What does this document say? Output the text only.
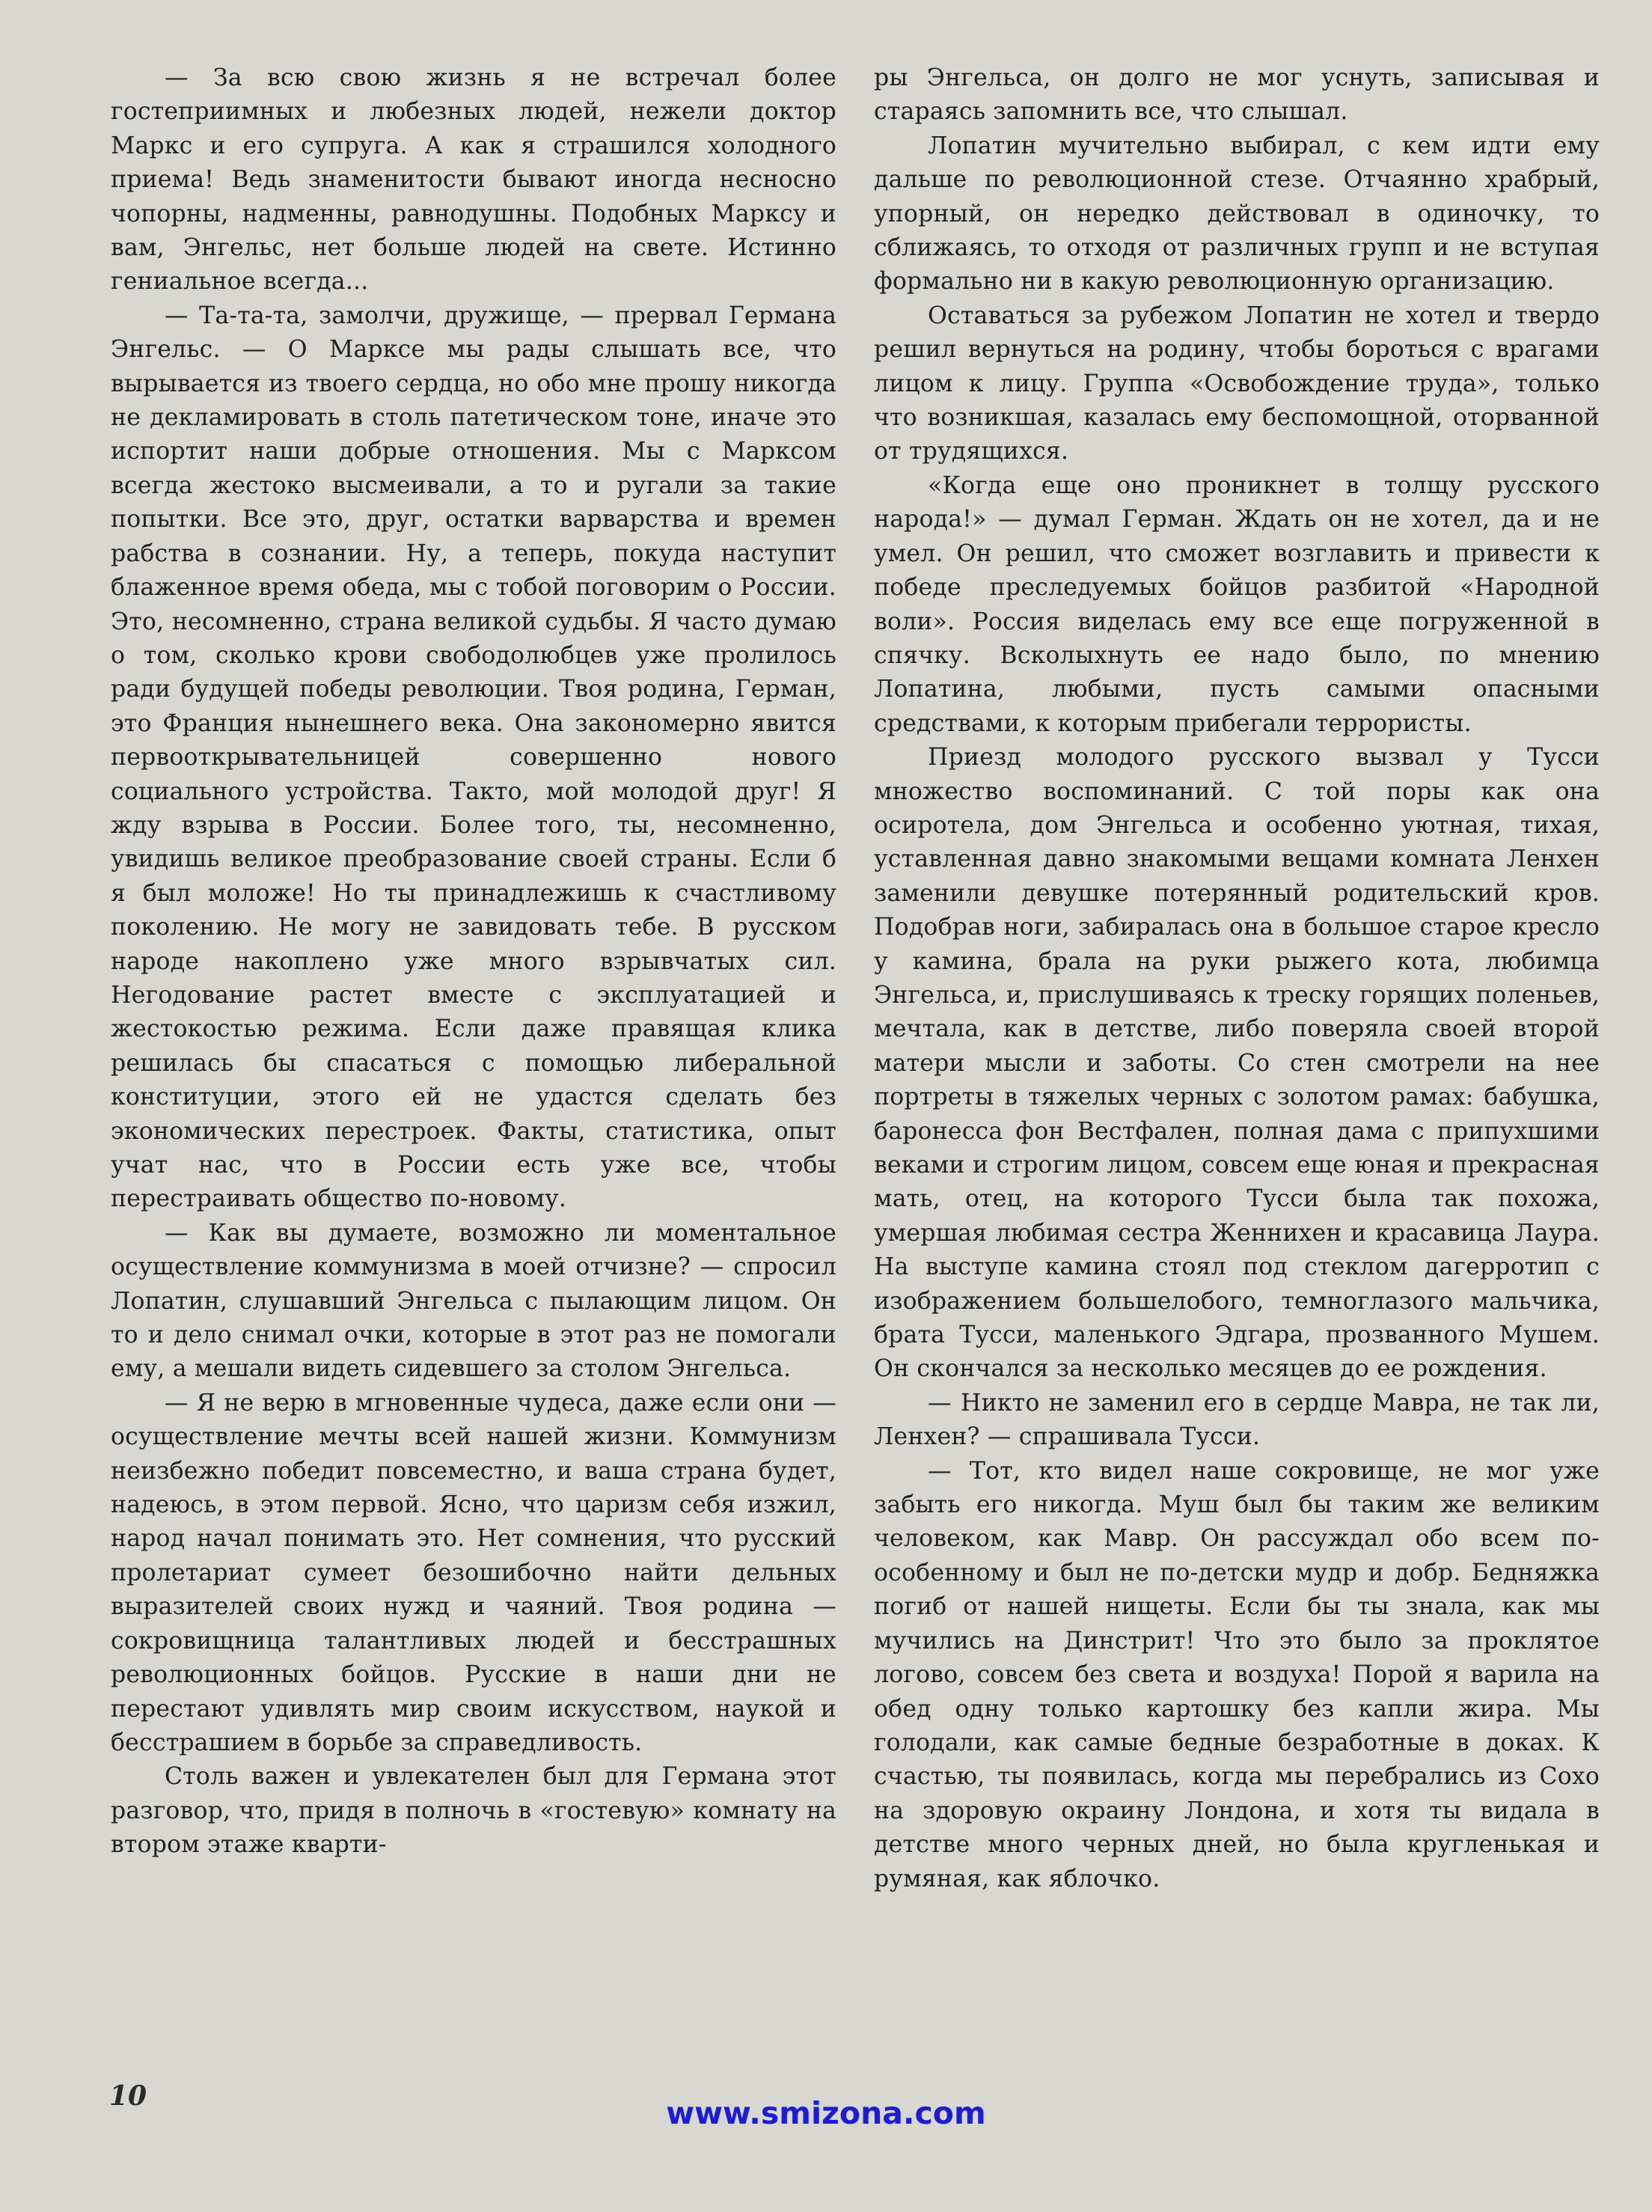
— За всю свою жизнь я не встречал более гостеприимных и любезных людей, нежели доктор Маркс и его супруга. А как я страшился холодного приема! Ведь знаменитости бывают иногда несносно чопорны, надменны, равнодушны. Подобных Марксу и вам, Энгельс, нет больше людей на свете. Истинно гениальное всегда...

— Та-та-та, замолчи, дружище, — прервал Германа Энгельс. — О Марксе мы рады слышать все, что вырывается из твоего сердца, но обо мне прошу никогда не декламировать в столь патетическом тоне, иначе это испортит наши добрые отношения. Мы с Марксом всегда жестоко высмеивали, а то и ругали за такие попытки. Все это, друг, остатки варварства и времен рабства в сознании. Ну, а теперь, покуда наступит блаженное время обеда, мы с тобой поговорим о России. Это, несомненно, страна великой судьбы. Я часто думаю о том, сколько крови свободолюбцев уже пролилось ради будущей победы революции. Твоя родина, Герман, это Франция нынешнего века. Она закономерно явится первооткрывательницей совершенно нового социального устройства. Такто, мой молодой друг! Я жду взрыва в России. Более того, ты, несомненно, увидишь великое преобразование своей страны. Если б я был моложе! Но ты принадлежишь к счастливому поколению. Не могу не завидовать тебе. В русском народе накоплено уже много взрывчатых сил. Негодование растет вместе с эксплуатацией и жестокостью режима. Если даже правящая клика решилась бы спасаться с помощью либеральной конституции, этого ей не удастся сделать без экономических перестроек. Факты, статистика, опыт учат нас, что в России есть уже все, чтобы перестраивать общество по-новому.

— Как вы думаете, возможно ли моментальное осуществление коммунизма в моей отчизне? — спросил Лопатин, слушавший Энгельса с пылающим лицом. Он то и дело снимал очки, которые в этот раз не помогали ему, а мешали видеть сидевшего за столом Энгельса.

— Я не верю в мгновенные чудеса, даже если они — осуществление мечты всей нашей жизни. Коммунизм неизбежно победит повсеместно, и ваша страна будет, надеюсь, в этом первой. Ясно, что царизм себя изжил, народ начал понимать это. Нет сомнения, что русский пролетариат сумеет безошибочно найти дельных выразителей своих нужд и чаяний. Твоя родина — сокровищница талантливых людей и бесстрашных революционных бойцов. Русские в наши дни не перестают удивлять мир своим искусством, наукой и бесстрашием в борьбе за справедливость.

Столь важен и увлекателен был для Германа этот разговор, что, придя в полночь в «гостевую» комнату на втором этаже кварти-

ры Энгельса, он долго не мог уснуть, записывая и стараясь запомнить все, что слышал.

Лопатин мучительно выбирал, с кем идти ему дальше по революционной стезе. Отчаянно храбрый, упорный, он нередко действовал в одиночку, то сближаясь, то отходя от различных групп и не вступая формально ни в какую революционную организацию.

Оставаться за рубежом Лопатин не хотел и твердо решил вернуться на родину, чтобы бороться с врагами лицом к лицу. Группа «Освобождение труда», только что возникшая, казалась ему беспомощной, оторванной от трудящихся.

«Когда еще оно проникнет в толщу русского народа!» — думал Герман. Ждать он не хотел, да и не умел. Он решил, что сможет возглавить и привести к победе преследуемых бойцов разбитой «Народной воли». Россия виделась ему все еще погруженной в спячку. Всколыхнуть ее надо было, по мнению Лопатина, любыми, пусть самыми опасными средствами, к которым прибегали террористы.

Приезд молодого русского вызвал у Тусси множество воспоминаний. С той поры как она осиротела, дом Энгельса и особенно уютная, тихая, уставленная давно знакомыми вещами комната Ленхен заменили девушке потерянный родительский кров. Подобрав ноги, забиралась она в большое старое кресло у камина, брала на руки рыжего кота, любимца Энгельса, и, прислушиваясь к треску горящих поленьев, мечтала, как в детстве, либо поверяла своей второй матери мысли и заботы. Со стен смотрели на нее портреты в тяжелых черных с золотом рамах: бабушка, баронесса фон Вестфален, полная дама с припухшими веками и строгим лицом, совсем еще юная и прекрасная мать, отец, на которого Тусси была так похожа, умершая любимая сестра Женнихен и красавица Лаура. На выступе камина стоял под стеклом дагерротип с изображением большелобого, темноглазого мальчика, брата Тусси, маленького Эдгара, прозванного Мушем. Он скончался за несколько месяцев до ее рождения.

— Никто не заменил его в сердце Мавра, не так ли, Ленхен? — спрашивала Тусси.

— Тот, кто видел наше сокровище, не мог уже забыть его никогда. Муш был бы таким же великим человеком, как Мавр. Он рассуждал обо всем по-особенному и был не по-детски мудр и добр. Бедняжка погиб от нашей нищеты. Если бы ты знала, как мы мучились на Динстрит! Что это было за проклятое логово, совсем без света и воздуха! Порой я варила на обед одну только картошку без капли жира. Мы голодали, как самые бедные безработные в доках. К счастью, ты появилась, когда мы перебрались из Сохо на здоровую окраину Лондона, и хотя ты видала в детстве много черных дней, но была кругленькая и румяная, как яблочко.

10	www.smizona.com
